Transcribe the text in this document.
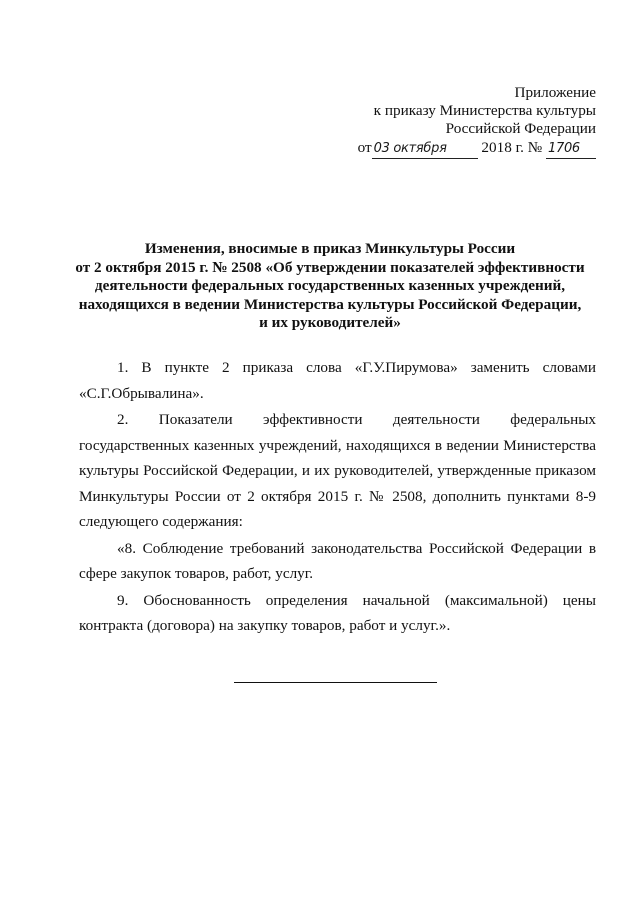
Приложение
к приказу Министерства культуры
Российской Федерации
от 03 октября 2018 г. № 1706
Изменения, вносимые в приказ Минкультуры России
от 2 октября 2015 г. № 2508 «Об утверждении показателей эффективности
деятельности федеральных государственных казенных учреждений,
находящихся в ведении Министерства культуры Российской Федерации,
и их руководителей»

1. В пункте 2 приказа слова «Г.У.Пирумова» заменить словами «С.Г.Обрывалина».

2. Показатели эффективности деятельности федеральных государственных казенных учреждений, находящихся в ведении Министерства культуры Российской Федерации, и их руководителей, утвержденные приказом Минкультуры России от 2 октября 2015 г. № 2508, дополнить пунктами 8-9 следующего содержания:

«8. Соблюдение требований законодательства Российской Федерации в сфере закупок товаров, работ, услуг.

9. Обоснованность определения начальной (максимальной) цены контракта (договора) на закупку товаров, работ и услуг.».
